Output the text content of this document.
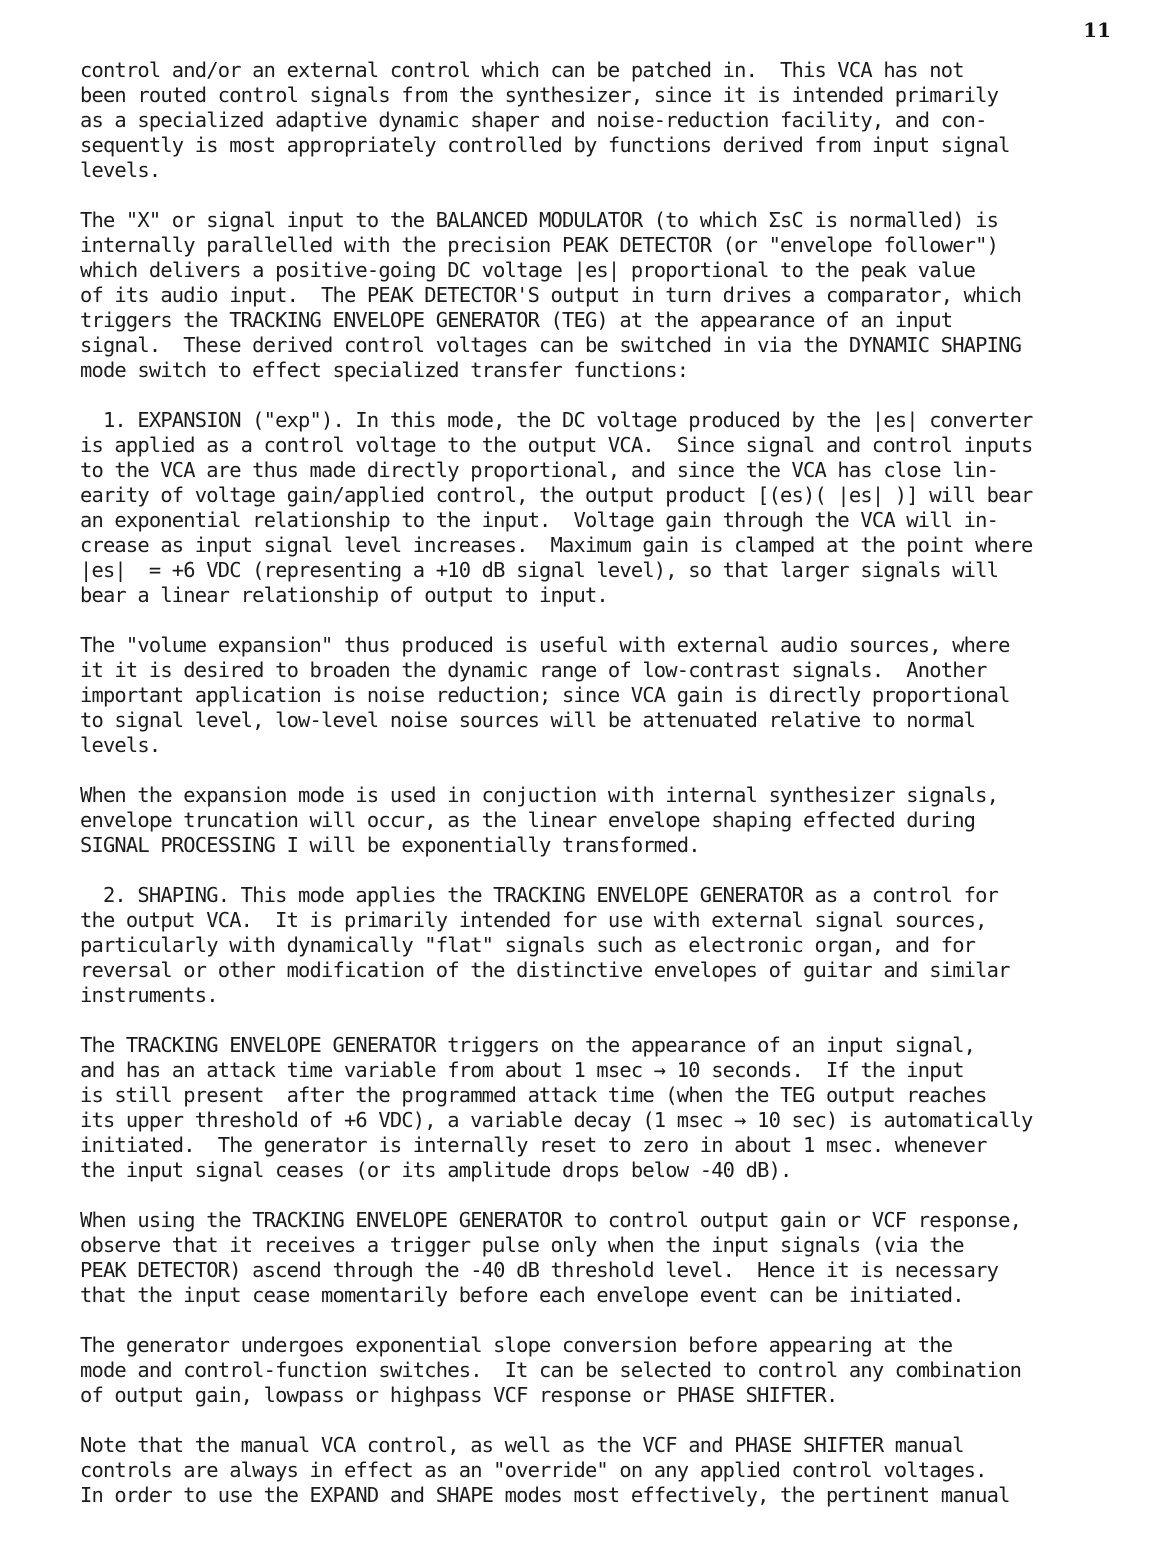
11
control and/or an external control which can be patched in.  This VCA has not
been routed control signals from the synthesizer, since it is intended primarily
as a specialized adaptive dynamic shaper and noise-reduction facility, and con-
sequently is most appropriately controlled by functions derived from input signal
levels.
The "X" or signal input to the BALANCED MODULATOR (to which ΣsC is normalled) is
internally parallelled with the precision PEAK DETECTOR (or "envelope follower")
which delivers a positive-going DC voltage |es| proportional to the peak value
of its audio input.  The PEAK DETECTOR'S output in turn drives a comparator, which
triggers the TRACKING ENVELOPE GENERATOR (TEG) at the appearance of an input
signal.  These derived control voltages can be switched in via the DYNAMIC SHAPING
mode switch to effect specialized transfer functions:
1. EXPANSION ("exp"). In this mode, the DC voltage produced by the |es| converter
is applied as a control voltage to the output VCA.  Since signal and control inputs
to the VCA are thus made directly proportional, and since the VCA has close lin-
earity of voltage gain/applied control, the output product [(es)( |es| )] will bear
an exponential relationship to the input.  Voltage gain through the VCA will in-
crease as input signal level increases.  Maximum gain is clamped at the point where
|es|  = +6 VDC (representing a +10 dB signal level), so that larger signals will
bear a linear relationship of output to input.
The "volume expansion" thus produced is useful with external audio sources, where
it it is desired to broaden the dynamic range of low-contrast signals.  Another
important application is noise reduction; since VCA gain is directly proportional
to signal level, low-level noise sources will be attenuated relative to normal
levels.
When the expansion mode is used in conjuction with internal synthesizer signals,
envelope truncation will occur, as the linear envelope shaping effected during
SIGNAL PROCESSING I will be exponentially transformed.
2. SHAPING. This mode applies the TRACKING ENVELOPE GENERATOR as a control for
the output VCA.  It is primarily intended for use with external signal sources,
particularly with dynamically "flat" signals such as electronic organ, and for
reversal or other modification of the distinctive envelopes of guitar and similar
instruments.
The TRACKING ENVELOPE GENERATOR triggers on the appearance of an input signal,
and has an attack time variable from about 1 msec → 10 seconds.  If the input
is still present  after the programmed attack time (when the TEG output reaches
its upper threshold of +6 VDC), a variable decay (1 msec → 10 sec) is automatically
initiated.  The generator is internally reset to zero in about 1 msec. whenever
the input signal ceases (or its amplitude drops below -40 dB).
When using the TRACKING ENVELOPE GENERATOR to control output gain or VCF response,
observe that it receives a trigger pulse only when the input signals (via the
PEAK DETECTOR) ascend through the -40 dB threshold level.  Hence it is necessary
that the input cease momentarily before each envelope event can be initiated.
The generator undergoes exponential slope conversion before appearing at the
mode and control-function switches.  It can be selected to control any combination
of output gain, lowpass or highpass VCF response or PHASE SHIFTER.
Note that the manual VCA control, as well as the VCF and PHASE SHIFTER manual
controls are always in effect as an "override" on any applied control voltages.
In order to use the EXPAND and SHAPE modes most effectively, the pertinent manual
